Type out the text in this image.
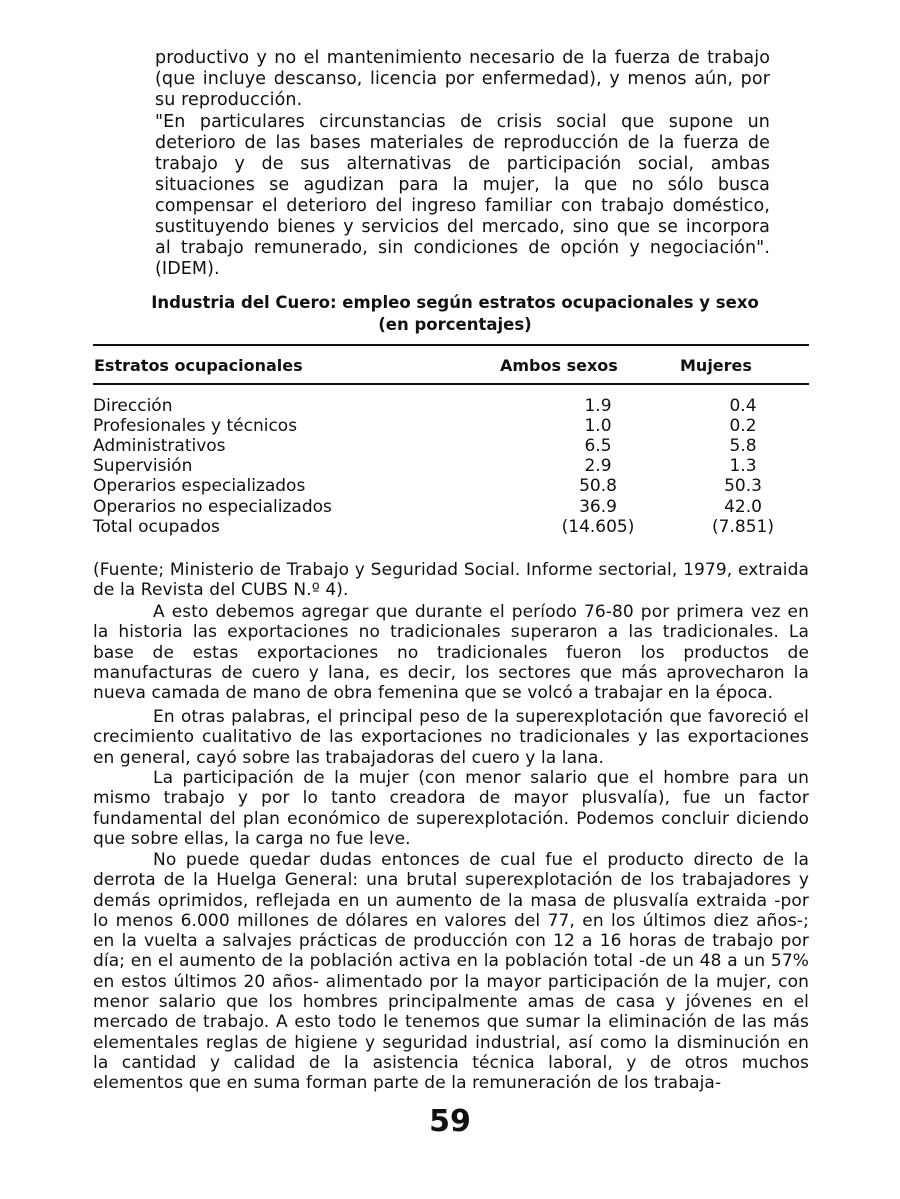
productivo y no el mantenimiento necesario de la fuerza de trabajo (que incluye descanso, licencia por enfermedad), y menos aún, por su reproducción.

"En particulares circunstancias de crisis social que supone un deterioro de las bases materiales de reproducción de la fuerza de trabajo y de sus alternativas de participación social, ambas situaciones se agudizan para la mujer, la que no sólo busca compensar el deterioro del ingreso familiar con trabajo doméstico, sustituyendo bienes y servicios del mercado, sino que se incorpora al trabajo remunerado, sin condiciones de opción y negociación". (IDEM).

Industria del Cuero: empleo según estratos ocupacionales y sexo
(en porcentajes)
Estratos ocupacionales	Ambos sexos	Mujeres
Dirección	1.9	0.4
Profesionales y técnicos	1.0	0.2
Administrativos	6.5	5.8
Supervisión	2.9	1.3
Operarios especializados	50.8	50.3
Operarios no especializados	36.9	42.0
Total ocupados	(14.605)	(7.851)

(Fuente; Ministerio de Trabajo y Seguridad Social. Informe sectorial, 1979, extraida de la Revista del CUBS N.º 4).

A esto debemos agregar que durante el período 76-80 por primera vez en la historia las exportaciones no tradicionales superaron a las tradicionales. La base de estas exportaciones no tradicionales fueron los productos de manufacturas de cuero y lana, es decir, los sectores que más aprovecharon la nueva camada de mano de obra femenina que se volcó a trabajar en la época.

En otras palabras, el principal peso de la superexplotación que favoreció el crecimiento cualitativo de las exportaciones no tradicionales y las exportaciones en general, cayó sobre las trabajadoras del cuero y la lana.

La participación de la mujer (con menor salario que el hombre para un mismo trabajo y por lo tanto creadora de mayor plusvalía), fue un factor fundamental del plan económico de superexplotación. Podemos concluir diciendo que sobre ellas, la carga no fue leve.

No puede quedar dudas entonces de cual fue el producto directo de la derrota de la Huelga General: una brutal superexplotación de los trabajadores y demás oprimidos, reflejada en un aumento de la masa de plusvalía extraida -por lo menos 6.000 millones de dólares en valores del 77, en los últimos diez años-; en la vuelta a salvajes prácticas de producción con 12 a 16 horas de trabajo por día; en el aumento de la población activa en la población total -de un 48 a un 57% en estos últimos 20 años- alimentado por la mayor participación de la mujer, con menor salario que los hombres principalmente amas de casa y jóvenes en el mercado de trabajo. A esto todo le tenemos que sumar la eliminación de las más elementales reglas de higiene y seguridad industrial, así como la disminución en la cantidad y calidad de la asistencia técnica laboral, y de otros muchos elementos que en suma forman parte de la remuneración de los trabaja-

59
